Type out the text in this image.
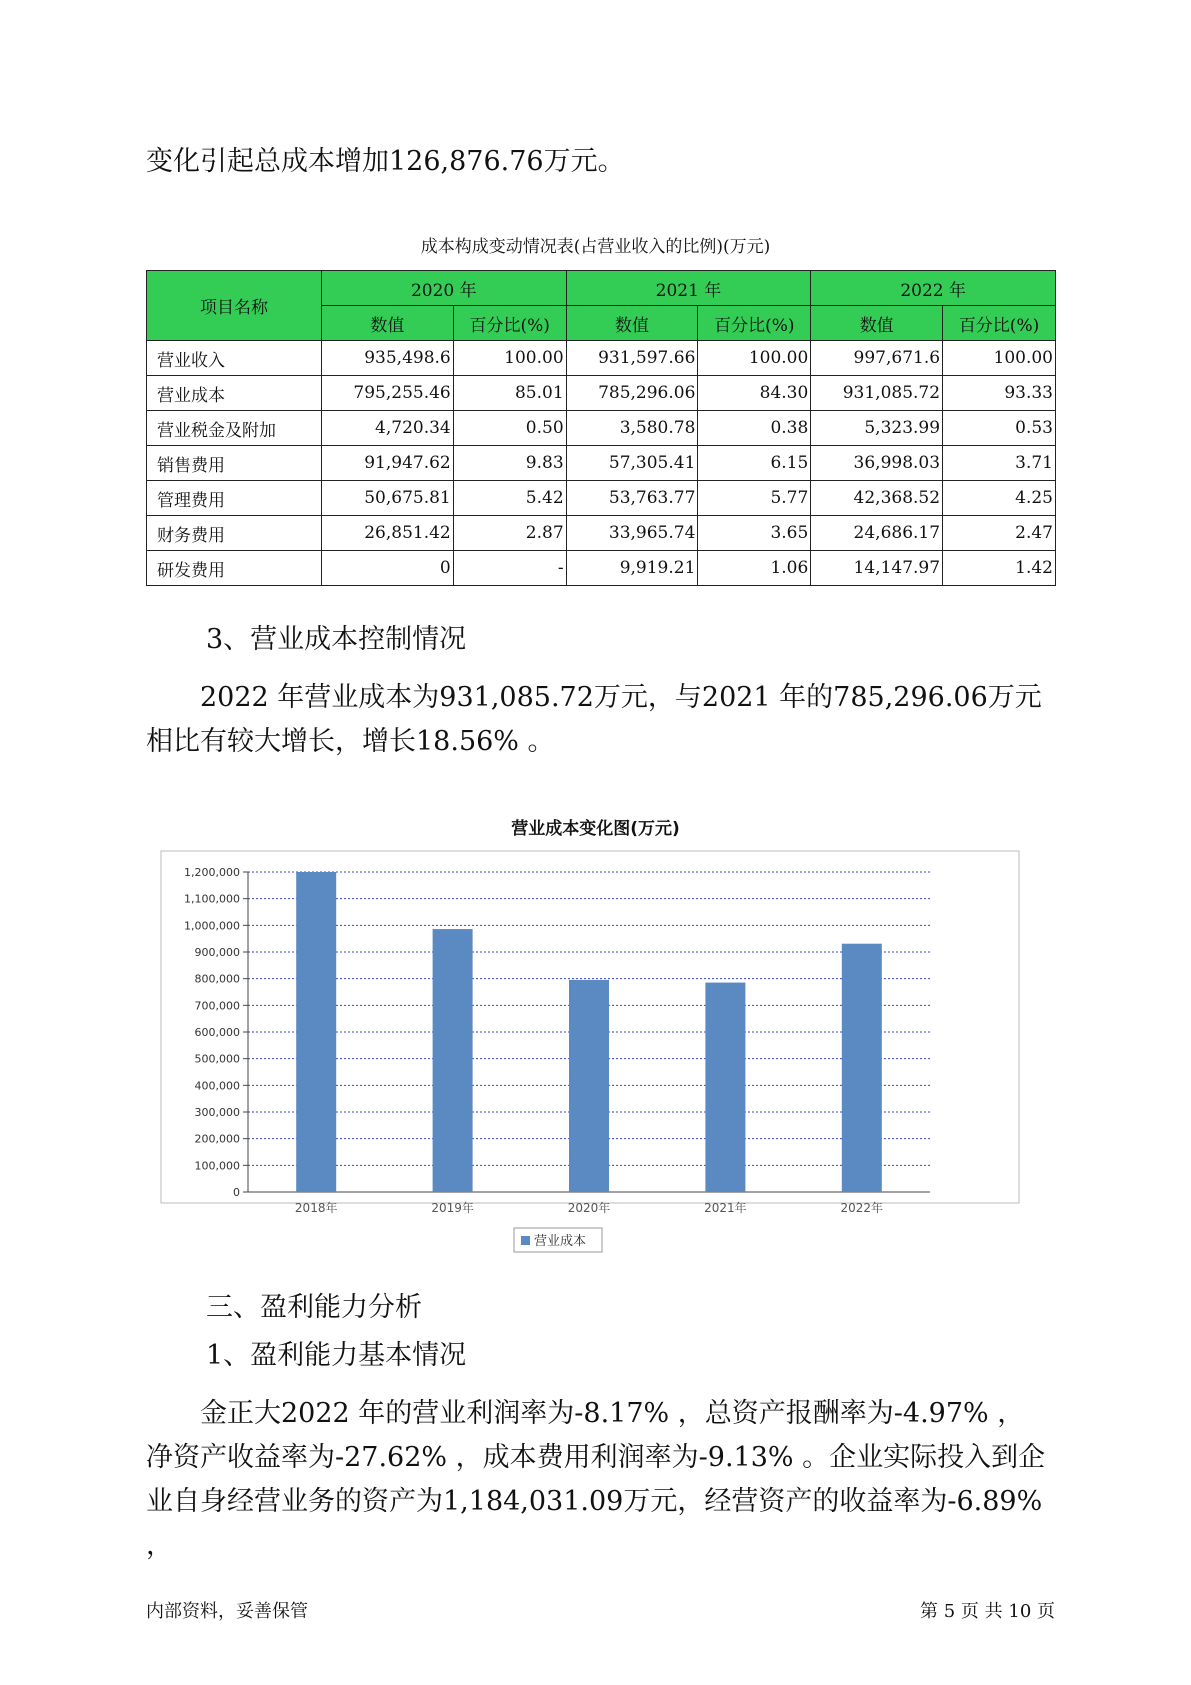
变化引起总成本增加126,876.76万元。

成本构成变动情况表(占营业收入的比例)(万元)
项目名称	2020 年		2021 年		2022 年	
	数值	百分比(%)	数值	百分比(%)	数值	百分比(%)
营业收入	935,498.6	100.00	931,597.66	100.00	997,671.6	100.00
营业成本	795,255.46	85.01	785,296.06	84.30	931,085.72	93.33
营业税金及附加	4,720.34	0.50	3,580.78	0.38	5,323.99	0.53
销售费用	91,947.62	9.83	57,305.41	6.15	36,998.03	3.71
管理费用	50,675.81	5.42	53,763.77	5.77	42,368.52	4.25
财务费用	26,851.42	2.87	33,965.74	3.65	24,686.17	2.47
研发费用	0	-	9,919.21	1.06	14,147.97	1.42

3、营业成本控制情况

2022 年营业成本为931,085.72万元，与2021 年的785,296.06万元相比有较大增长，增长18.56% 。

营业成本变化图(万元)
0
100,000
200,000
300,000
400,000
500,000
600,000
700,000
800,000
900,000
1,000,000
1,100,000
1,200,000
2018年	2019年	2020年	2021年	2022年
营业成本

三、盈利能力分析

1、盈利能力基本情况

金正大2022 年的营业利润率为-8.17% ，总资产报酬率为-4.97% ，净资产收益率为-27.62% ，成本费用利润率为-9.13% 。企业实际投入到企业自身经营业务的资产为1,184,031.09万元，经营资产的收益率为-6.89% ，

内部资料，妥善保管	第 5 页 共 10 页
